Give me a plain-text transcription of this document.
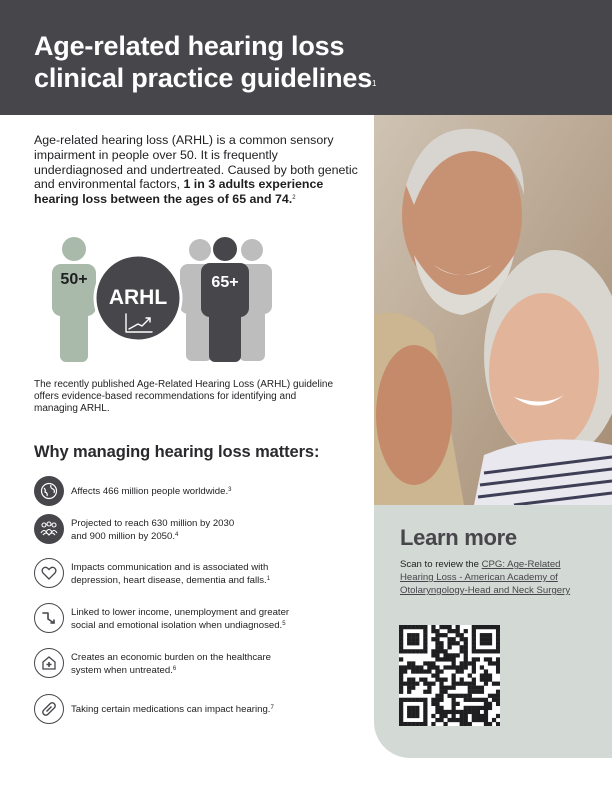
Age-related hearing loss
clinical practice guidelines$^1$

Age-related hearing loss (ARHL) is a common sensory impairment in people over 50. It is frequently underdiagnosed and undertreated. Caused by both genetic and environmental factors, 1 in 3 adults experience hearing loss between the ages of 65 and 74.$^2$

50+
ARHL
65+

The recently published Age-Related Hearing Loss (ARHL) guideline offers evidence-based recommendations for identifying and managing ARHL.

Why managing hearing loss matters:

Affects 466 million people worldwide.$^3$

Projected to reach 630 million by 2030
and 900 million by 2050.$^4$

Impacts communication and is associated with
depression, heart disease, dementia and falls.$^1$

Linked to lower income, unemployment and greater
social and emotional isolation when undiagnosed.$^5$

Creates an economic burden on the healthcare
system when untreated.$^6$

Taking certain medications can impact hearing.$^7$

Learn more

Scan to review the CPG: Age-Related Hearing Loss - American Academy of Otolaryngology-Head and Neck Surgery
